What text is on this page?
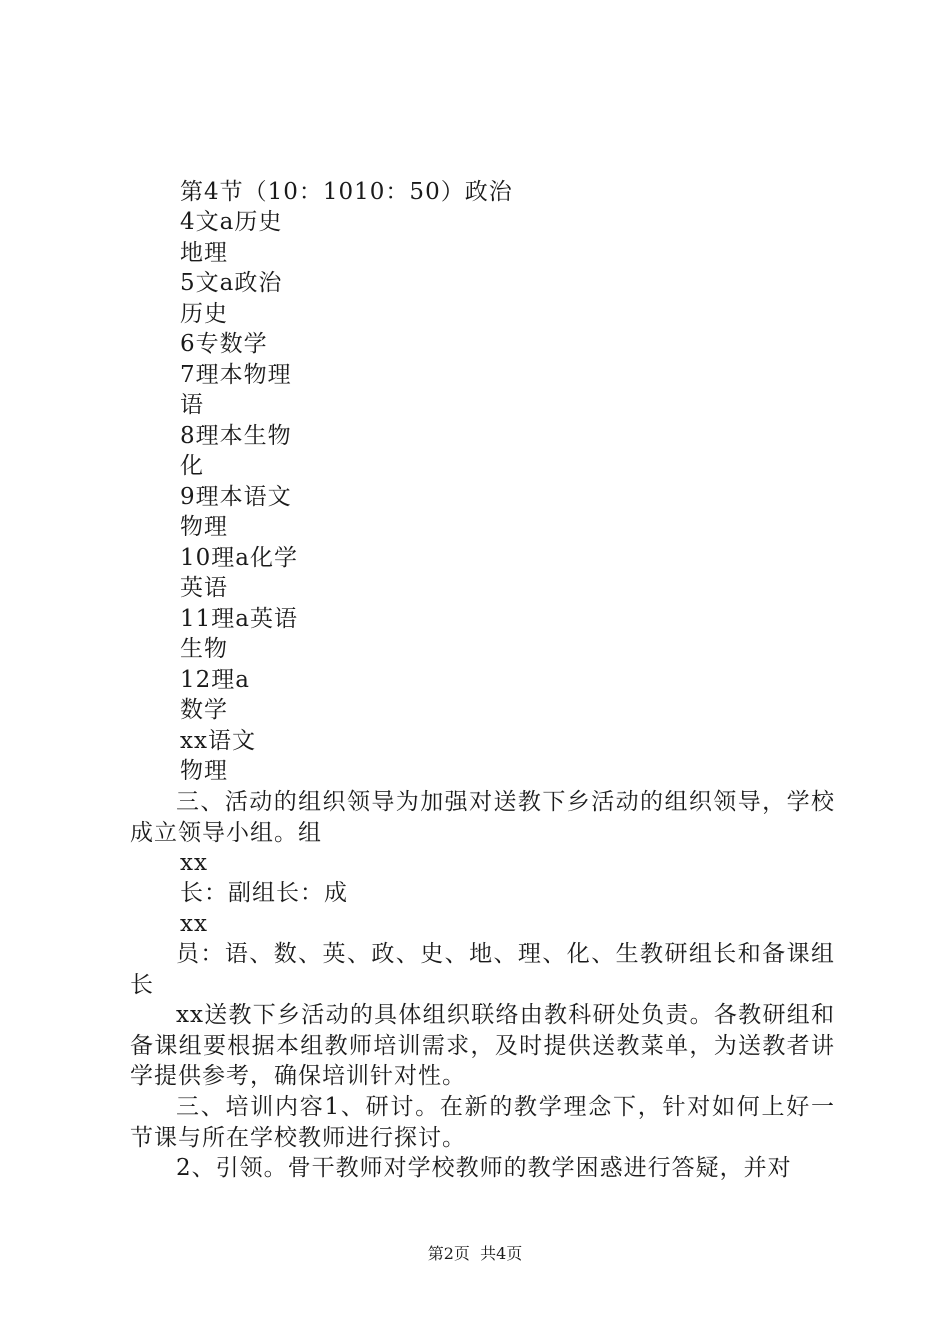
第4节（10：1010：50）政治
4文a历史
地理
5文a政治
历史
6专数学
7理本物理
语
8理本生物
化
9理本语文
物理
10理a化学
英语
11理a英语
生物
12理a
数学
xx语文
物理
三、活动的组织领导为加强对送教下乡活动的组织领导，学校成立领导小组。组
xx
长：副组长：成
xx
员：语、数、英、政、史、地、理、化、生教研组长和备课组长
xx送教下乡活动的具体组织联络由教科研处负责。各教研组和备课组要根据本组教师培训需求，及时提供送教菜单，为送教者讲学提供参考，确保培训针对性。
三、培训内容1、研讨。在新的教学理念下，针对如何上好一节课与所在学校教师进行探讨。
2、引领。骨干教师对学校教师的教学困惑进行答疑，并对
第2页  共4页
